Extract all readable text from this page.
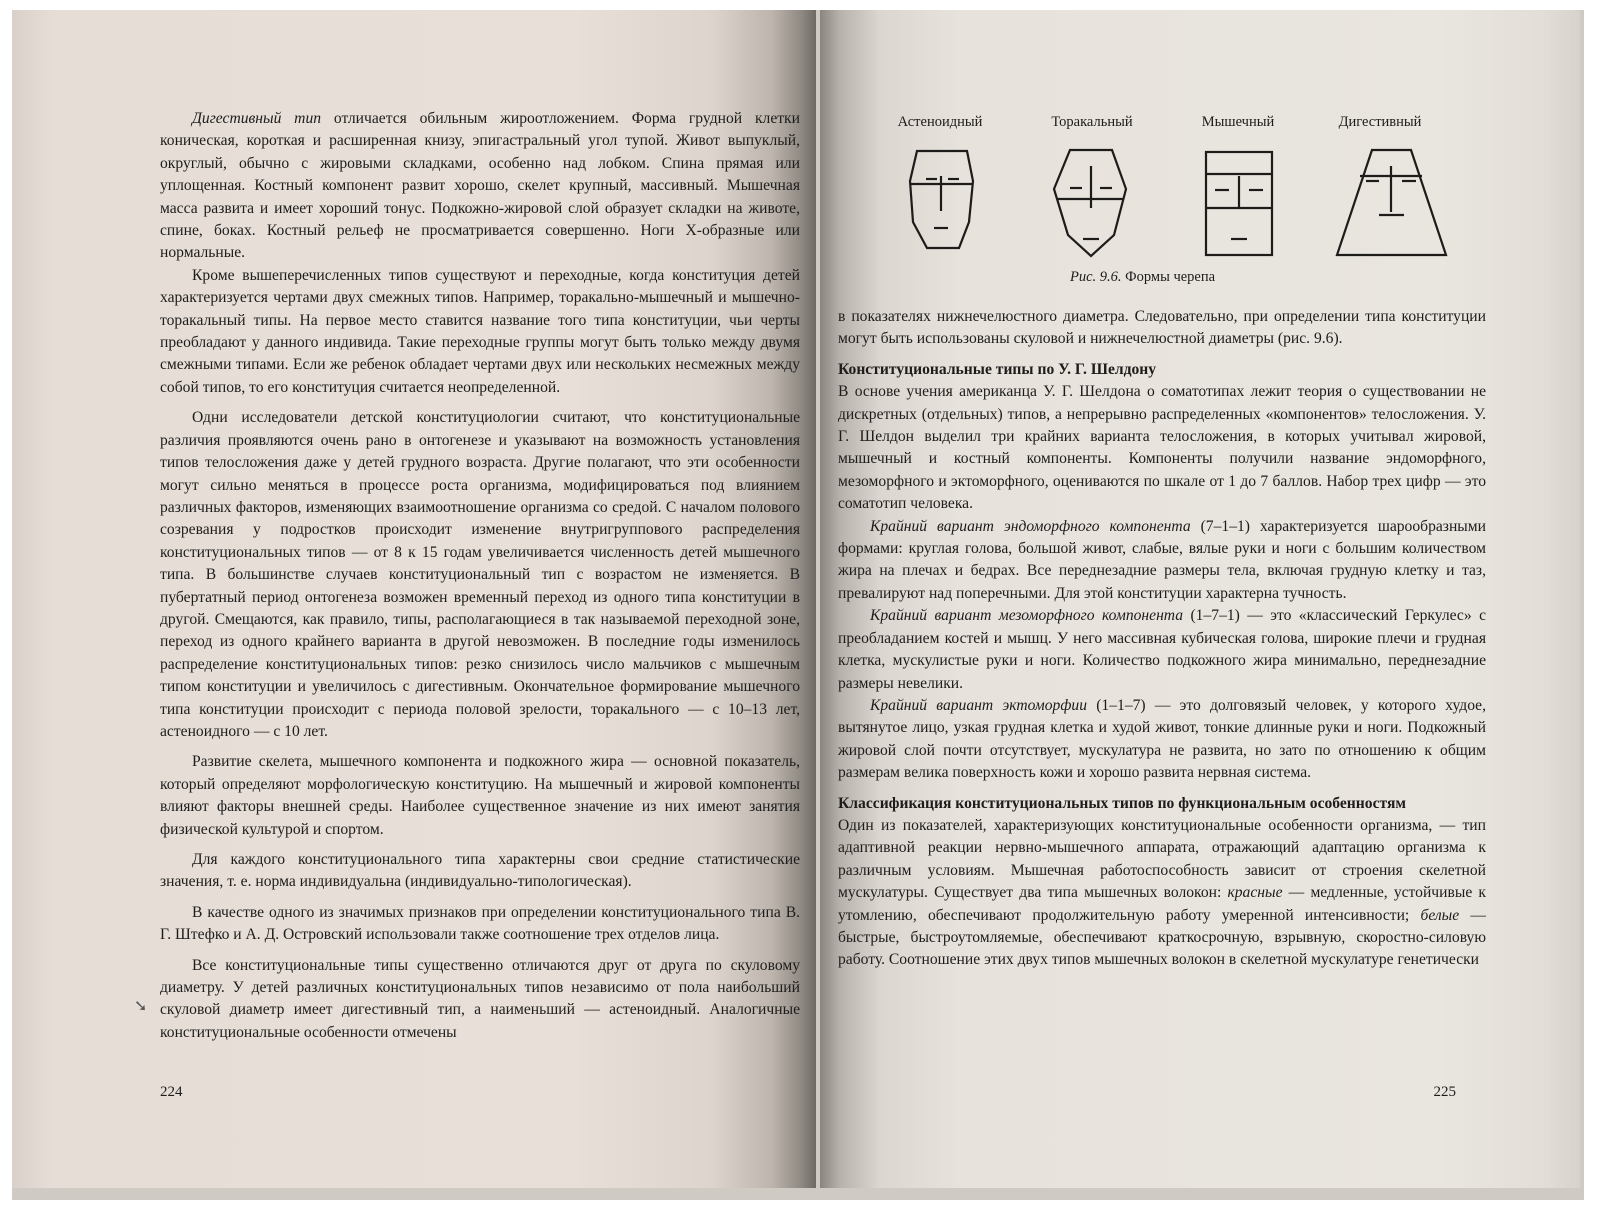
Дигестивный тип отличается обильным жироотложением. Форма грудной клетки коническая, короткая и расширенная книзу, эпигастральный угол тупой. Живот выпуклый, округлый, обычно с жировыми складками, особенно над лобком. Спина прямая или уплощенная. Костный компонент развит хорошо, скелет крупный, массивный. Мышечная масса развита и имеет хороший тонус. Подкожно-жировой слой образует складки на животе, спине, боках. Костный рельеф не просматривается совершенно. Ноги Х-образные или нормальные.

Кроме вышеперечисленных типов существуют и переходные, когда конституция детей характеризуется чертами двух смежных типов. Например, торакально-мышечный и мышечно-торакальный типы. На первое место ставится название того типа конституции, чьи черты преобладают у данного индивида. Такие переходные группы могут быть только между двумя смежными типами. Если же ребенок обладает чертами двух или нескольких несмежных между собой типов, то его конституция считается неопределенной.

Одни исследователи детской конституциологии считают, что конституциональные различия проявляются очень рано в онтогенезе и указывают на возможность установления типов телосложения даже у детей грудного возраста. Другие полагают, что эти особенности могут сильно меняться в процессе роста организма, модифицироваться под влиянием различных факторов, изменяющих взаимоотношение организма со средой. С началом полового созревания у подростков происходит изменение внутригруппового распределения конституциональных типов — от 8 к 15 годам увеличивается численность детей мышечного типа. В большинстве случаев конституциональный тип с возрастом не изменяется. В пубертатный период онтогенеза возможен временный переход из одного типа конституции в другой. Смещаются, как правило, типы, располагающиеся в так называемой переходной зоне, переход из одного крайнего варианта в другой невозможен. В последние годы изменилось распределение конституциональных типов: резко снизилось число мальчиков с мышечным типом конституции и увеличилось с дигестивным. Окончательное формирование мышечного типа конституции происходит с периода половой зрелости, торакального — с 10–13 лет, астеноидного — с 10 лет.

Развитие скелета, мышечного компонента и подкожного жира — основной показатель, который определяют морфологическую конституцию. На мышечный и жировой компоненты влияют факторы внешней среды. Наиболее существенное значение из них имеют занятия физической культурой и спортом.

Для каждого конституционального типа характерны свои средние статистические значения, т. е. норма индивидуальна (индивидуально-типологическая).

В качестве одного из значимых признаков при определении конституционального типа В. Г. Штефко и А. Д. Островский использовали также соотношение трех отделов лица.

Все конституциональные типы существенно отличаются друг от друга по скуловому диаметру. У детей различных конституциональных типов независимо от пола наибольший скуловой диаметр имеет дигестивный тип, а наименьший — астеноидный. Аналогичные конституциональные особенности отмечены

➘
224
Астеноидный	Торакальный	Мышечный	Дигестивный
Рис. 9.6. Формы черепа

в показателях нижнечелюстного диаметра. Следовательно, при определении типа конституции могут быть использованы скуловой и нижнечелюстной диаметры (рис. 9.6).

Конституциональные типы по У. Г. Шелдону

В основе учения американца У. Г. Шелдона о соматотипах лежит теория о существовании не дискретных (отдельных) типов, а непрерывно распределенных «компонентов» телосложения. У. Г. Шелдон выделил три крайних варианта телосложения, в которых учитывал жировой, мышечный и костный компоненты. Компоненты получили название эндоморфного, мезоморфного и эктоморфного, оцениваются по шкале от 1 до 7 баллов. Набор трех цифр — это соматотип человека.

Крайний вариант эндоморфного компонента (7–1–1) характеризуется шарообразными формами: круглая голова, большой живот, слабые, вялые руки и ноги с большим количеством жира на плечах и бедрах. Все переднезадние размеры тела, включая грудную клетку и таз, превалируют над поперечными. Для этой конституции характерна тучность.

Крайний вариант мезоморфного компонента (1–7–1) — это «классический Геркулес» с преобладанием костей и мышц. У него массивная кубическая голова, широкие плечи и грудная клетка, мускулистые руки и ноги. Количество подкожного жира минимально, переднезадние размеры невелики.

Крайний вариант эктоморфии (1–1–7) — это долговязый человек, у которого худое, вытянутое лицо, узкая грудная клетка и худой живот, тонкие длинные руки и ноги. Подкожный жировой слой почти отсутствует, мускулатура не развита, но зато по отношению к общим размерам велика поверхность кожи и хорошо развита нервная система.

Классификация конституциональных типов по функциональным особенностям

Один из показателей, характеризующих конституциональные особенности организма, — тип адаптивной реакции нервно-мышечного аппарата, отражающий адаптацию организма к различным условиям. Мышечная работоспособность зависит от строения скелетной мускулатуры. Существует два типа мышечных волокон: красные — медленные, устойчивые к утомлению, обеспечивают продолжительную работу умеренной интенсивности; белые — быстрые, быстроутомляемые, обеспечивают краткосрочную, взрывную, скоростно-силовую работу. Соотношение этих двух типов мышечных волокон в скелетной мускулатуре генетически

225
